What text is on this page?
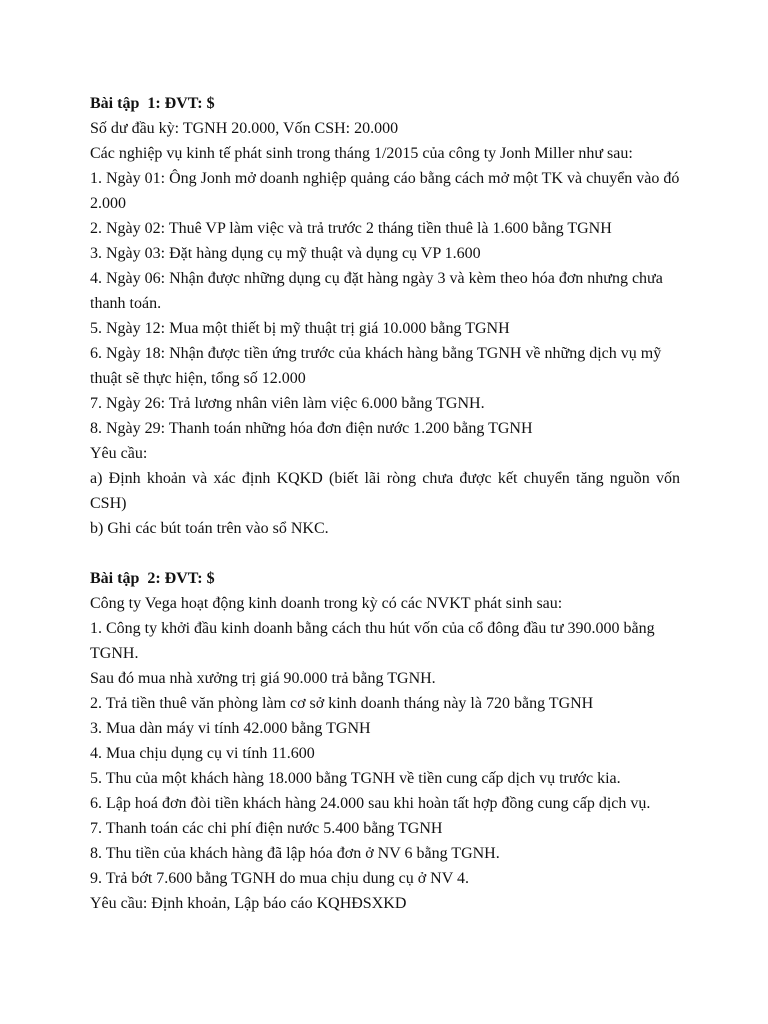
Bài tập  1: ĐVT: $

Số dư đầu kỳ: TGNH 20.000, Vốn CSH: 20.000

Các nghiệp vụ kinh tế phát sinh trong tháng 1/2015 của công ty Jonh Miller như sau:

1. Ngày 01: Ông Jonh mở doanh nghiệp quảng cáo bằng cách mở một TK và chuyển vào đó 2.000

2. Ngày 02: Thuê VP làm việc và trả trước 2 tháng tiền thuê là 1.600 bằng TGNH

3. Ngày 03: Đặt hàng dụng cụ mỹ thuật và dụng cụ VP 1.600

4. Ngày 06: Nhận được những dụng cụ đặt hàng ngày 3 và kèm theo hóa đơn nhưng chưa thanh toán.

5. Ngày 12: Mua một thiết bị mỹ thuật trị giá 10.000 bằng TGNH

6. Ngày 18: Nhận được tiền ứng trước của khách hàng bằng TGNH về những dịch vụ mỹ thuật sẽ thực hiện, tổng số 12.000

7. Ngày 26: Trả lương nhân viên làm việc 6.000 bằng TGNH.

8. Ngày 29: Thanh toán những hóa đơn điện nước 1.200 bằng TGNH

Yêu cầu:

a) Định khoản và xác định KQKD (biết lãi ròng chưa được kết chuyển tăng nguồn vốn CSH)

b) Ghi các bút toán trên vào sổ NKC.

Bài tập  2: ĐVT: $

Công ty Vega hoạt động kinh doanh trong kỳ có các NVKT phát sinh sau:

1. Công ty khởi đầu kinh doanh bằng cách thu hút vốn của cổ đông đầu tư 390.000 bằng TGNH.

Sau đó mua nhà xưởng trị giá 90.000 trả bằng TGNH.

2. Trả tiền thuê văn phòng làm cơ sở kinh doanh tháng này là 720 bằng TGNH

3. Mua dàn máy vi tính 42.000 bằng TGNH

4. Mua chịu dụng cụ vi tính 11.600

5. Thu của một khách hàng 18.000 bằng TGNH về tiền cung cấp dịch vụ trước kia.

6. Lập hoá đơn đòi tiền khách hàng 24.000 sau khi hoàn tất hợp đồng cung cấp dịch vụ.

7. Thanh toán các chi phí điện nước 5.400 bằng TGNH

8. Thu tiền của khách hàng đã lập hóa đơn ở NV 6 bằng TGNH.

9. Trả bớt 7.600 bằng TGNH do mua chịu dung cụ ở NV 4.

Yêu cầu: Định khoản, Lập báo cáo KQHĐSXKD
